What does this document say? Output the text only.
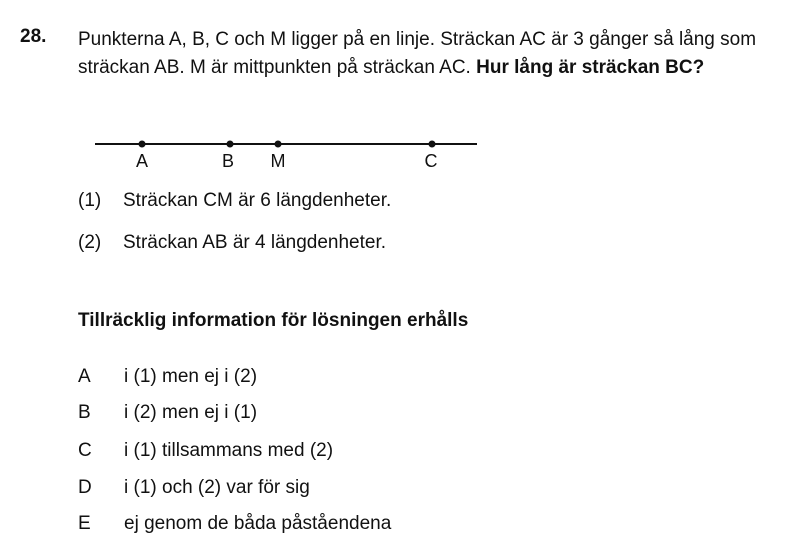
28. Punkterna A, B, C och M ligger på en linje. Sträckan AC är 3 gånger så lång som
sträckan AB. M är mittpunkten på sträckan AC. Hur lång är sträckan BC?
A	B M	C
(1) Sträckan CM är 6 längdenheter.
(2) Sträckan AB är 4 längdenheter.
Tillräcklig information för lösningen erhålls
A i (1) men ej i (2)
B i (2) men ej i (1)
C i (1) tillsammans med (2)
D i (1) och (2) var för sig
E ej genom de båda påståendena
